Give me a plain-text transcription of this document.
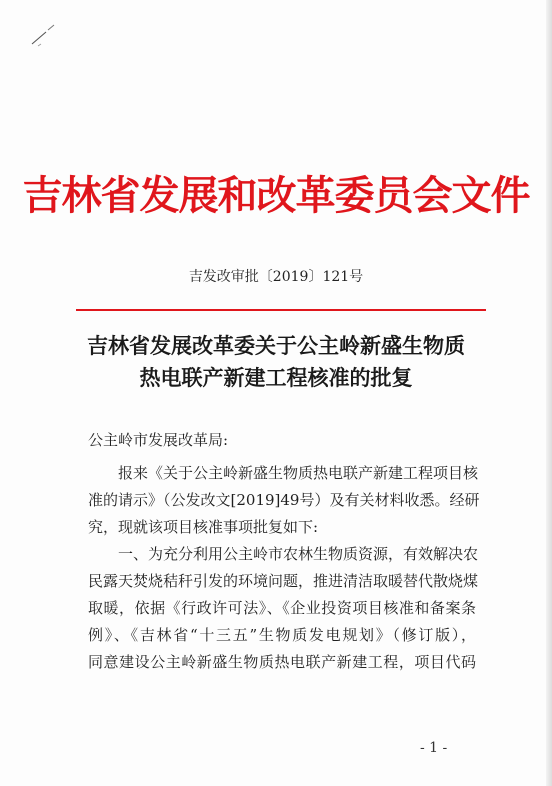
吉林省发展和改革委员会文件
吉发改审批〔2019〕121号
吉林省发展改革委关于公主岭新盛生物质
热电联产新建工程核准的批复
公主岭市发展改革局:
报来《关于公主岭新盛生物质热电联产新建工程项目核
准的请示》（公发改文[2019]49号）及有关材料收悉。经研
究，现就该项目核准事项批复如下:
一、为充分利用公主岭市农林生物质资源，有效解决农
民露天焚烧秸秆引发的环境问题，推进清洁取暖替代散烧煤
取暖，依据《行政许可法》、《企业投资项目核准和备案条
例》、《吉林省“十三五”生物质发电规划》（修订版），
同意建设公主岭新盛生物质热电联产新建工程，项目代码
- 1 -
